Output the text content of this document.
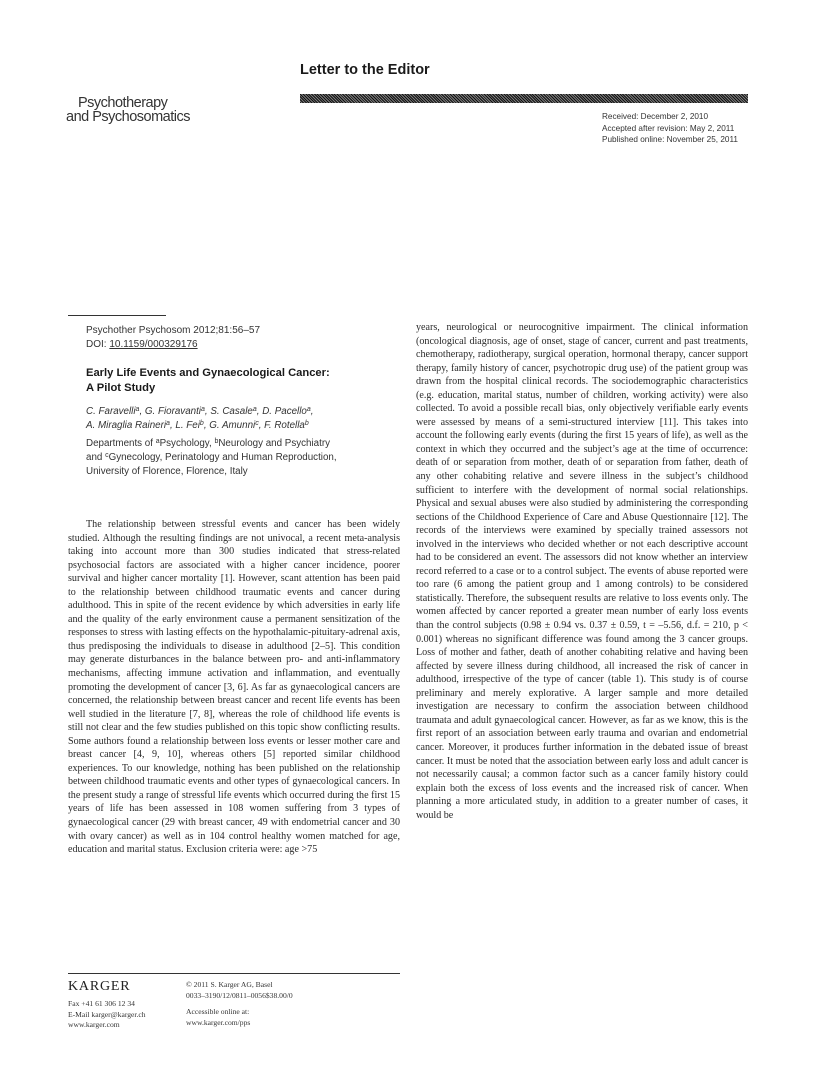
Letter to the Editor
Psychotherapy
and Psychosomatics	Received: December 2, 2010
Accepted after revision: May 2, 2011
Published online: November 25, 2011
Psychother Psychosom 2012;81:56–57
DOI: 10.1159/000329176
Early Life Events and Gynaecological Cancer:
A Pilot Study
C. Faravelli$^a$, G. Fioravanti$^a$, S. Casale$^a$, D. Pacello$^a$,
A. Miraglia Raineri$^a$, L. Fei$^b$, G. Amunni$^c$, F. Rotella$^b$
Departments of $^a$Psychology, $^b$Neurology and Psychiatry
and $^c$Gynecology, Perinatology and Human Reproduction,
University of Florence, Florence, Italy

The relationship between stressful events and cancer has been widely studied. Although the resulting findings are not univocal, a recent meta-analysis taking into account more than 300 studies indicated that stress-related psychosocial factors are associated with a higher cancer incidence, poorer survival and higher cancer mortality [1]. However, scant attention has been paid to the relationship between childhood traumatic events and cancer during adulthood. This in spite of the recent evidence by which adversities in early life and the quality of the early environment cause a permanent sensitization of the responses to stress with lasting effects on the hypothalamic-pituitary-adrenal axis, thus predisposing the individuals to disease in adulthood [2–5]. This condition may generate disturbances in the balance between pro- and anti-inflammatory mechanisms, affecting immune activation and inflammation, and eventually promoting the development of cancer [3, 6]. As far as gynaecological cancers are concerned, the relationship between breast cancer and recent life events has been well studied in the literature [7, 8], whereas the role of childhood life events is still not clear and the few studies published on this topic show conflicting results. Some authors found a relationship between loss events or lesser mother care and breast cancer [4, 9, 10], whereas others [5] reported similar childhood experiences. To our knowledge, nothing has been published on the relationship between childhood traumatic events and other types of gynaecological cancers. In the present study a range of stressful life events which occurred during the first 15 years of life has been assessed in 108 women suffering from 3 types of gynaecological cancer (29 with breast cancer, 49 with endometrial cancer and 30 with ovary cancer) as well as in 104 control healthy women matched for age, education and marital status. Exclusion criteria were: age >75

years, neurological or neurocognitive impairment. The clinical information (oncological diagnosis, age of onset, stage of cancer, current and past treatments, chemotherapy, radiotherapy, surgical operation, hormonal therapy, cancer support therapy, family history of cancer, psychotropic drug use) of the patient group was drawn from the hospital clinical records. The sociodemographic characteristics (e.g. education, marital status, number of children, working activity) were also collected. To avoid a possible recall bias, only objectively verifiable early events were assessed by means of a semi-structured interview [11]. This takes into account the following early events (during the first 15 years of life), as well as the context in which they occurred and the subject’s age at the time of occurrence: death of or separation from mother, death of or separation from father, death of any other cohabiting relative and severe illness in the subject’s childhood sufficient to interfere with the development of normal social relationships. Physical and sexual abuses were also studied by administering the corresponding sections of the Childhood Experience of Care and Abuse Questionnaire [12]. The records of the interviews were examined by specially trained assessors not involved in the interviews who decided whether or not each descriptive account had to be considered an event. The assessors did not know whether an interview record referred to a case or to a control subject. The events of abuse reported were too rare (6 among the patient group and 1 among controls) to be considered statistically. Therefore, the subsequent results are relative to loss events only. The women affected by cancer reported a greater mean number of early loss events than the control subjects (0.98 ± 0.94 vs. 0.37 ± 0.59, t = –5.56, d.f. = 210, p < 0.001) whereas no significant difference was found among the 3 cancer groups. Loss of mother and father, death of another cohabiting relative and having been affected by severe illness during childhood, all increased the risk of cancer in adulthood, irrespective of the type of cancer (table 1). This study is of course preliminary and merely explorative. A larger sample and more detailed investigation are necessary to confirm the association between childhood traumata and adult gynaecological cancer. However, as far as we know, this is the first report of an association between early trauma and ovarian and endometrial cancer. Moreover, it produces further information in the debated issue of breast cancer. It must be noted that the association between early loss and adult cancer is not necessarily causal; a common factor such as a cancer family history could explain both the excess of loss events and the increased risk of cancer. When planning a more articulated study, in addition to a greater number of cases, it would be

KARGER
Fax +41 61 306 12 34
E-Mail karger@karger.ch
www.karger.com
© 2011 S. Karger AG, Basel
0033–3190/12/0811–0056$38.00/0
Accessible online at:
www.karger.com/pps
